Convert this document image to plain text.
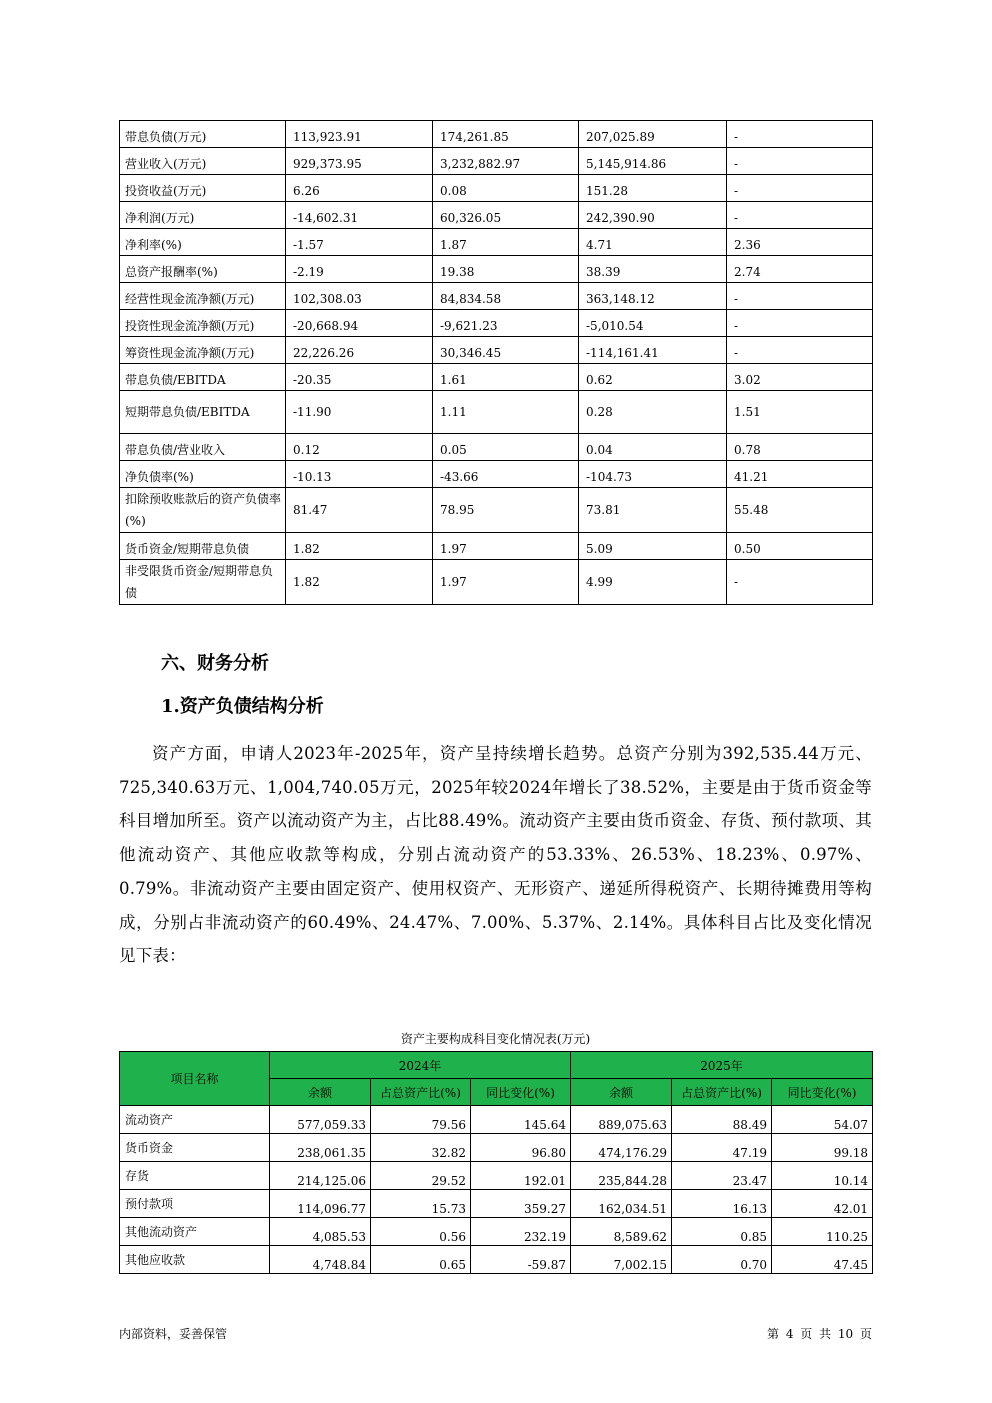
带息负债(万元)	113,923.91	174,261.85	207,025.89	-
营业收入(万元)	929,373.95	3,232,882.97	5,145,914.86	-
投资收益(万元)	6.26	0.08	151.28	-
净利润(万元)	-14,602.31	60,326.05	242,390.90	-
净利率(%)	-1.57	1.87	4.71	2.36
总资产报酬率(%)	-2.19	19.38	38.39	2.74
经营性现金流净额(万元)	102,308.03	84,834.58	363,148.12	-
投资性现金流净额(万元)	-20,668.94	-9,621.23	-5,010.54	-
筹资性现金流净额(万元)	22,226.26	30,346.45	-114,161.41	-
带息负债/EBITDA	-20.35	1.61	0.62	3.02
短期带息负债/EBITDA	-11.90	1.11	0.28	1.51
带息负债/营业收入	0.12	0.05	0.04	0.78
净负债率(%)	-10.13	-43.66	-104.73	41.21
扣除预收账款后的资产负债率(%)	81.47	78.95	73.81	55.48
货币资金/短期带息负债	1.82	1.97	5.09	0.50
非受限货币资金/短期带息负债	1.82	1.97	4.99	-
六、财务分析
1.资产负债结构分析
资产方面，申请人2023年-2025年，资产呈持续增长趋势。总资产分别为392,535.44万元、725,340.63万元、1,004,740.05万元，2025年较2024年增长了38.52%，主要是由于货币资金等科目增加所至。资产以流动资产为主，占比88.49%。流动资产主要由货币资金、存货、预付款项、其他流动资产、其他应收款等构成，分别占流动资产的53.33%、26.53%、18.23%、0.97%、0.79%。非流动资产主要由固定资产、使用权资产、无形资产、递延所得税资产、长期待摊费用等构成，分别占非流动资产的60.49%、24.47%、7.00%、5.37%、2.14%。具体科目占比及变化情况见下表：
资产主要构成科目变化情况表(万元)
项目名称	2024年			2025年		
	余额	占总资产比(%)	同比变化(%)	余额	占总资产比(%)	同比变化(%)
流动资产	577,059.33	79.56	145.64	889,075.63	88.49	54.07
货币资金	238,061.35	32.82	96.80	474,176.29	47.19	99.18
存货	214,125.06	29.52	192.01	235,844.28	23.47	10.14
预付款项	114,096.77	15.73	359.27	162,034.51	16.13	42.01
其他流动资产	4,085.53	0.56	232.19	8,589.62	0.85	110.25
其他应收款	4,748.84	0.65	-59.87	7,002.15	0.70	47.45
内部资料，妥善保管	第 4 页 共 10 页
